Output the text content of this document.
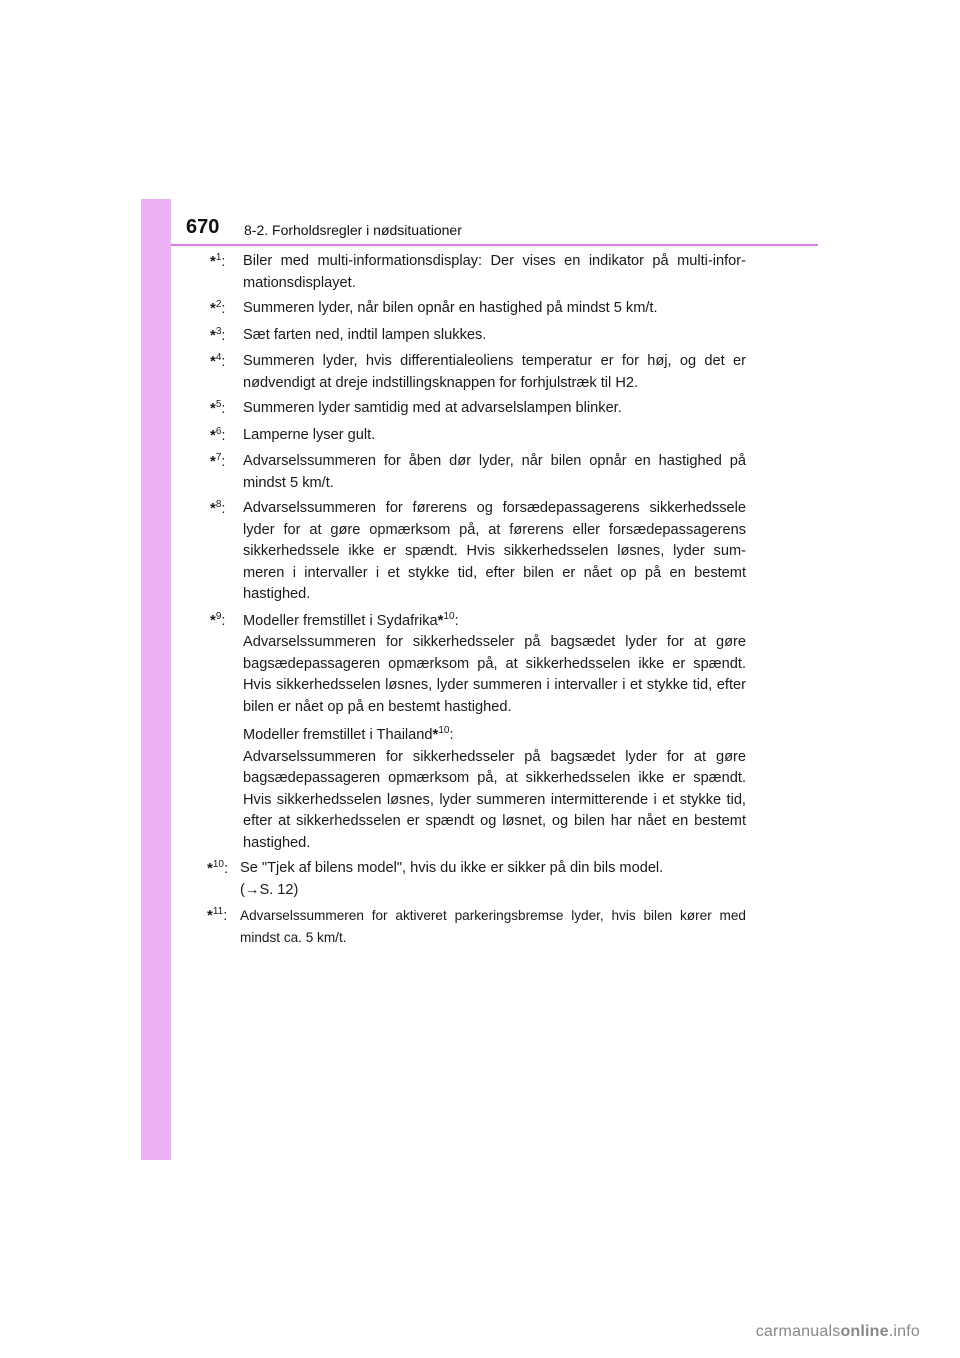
670 8-2. Forholdsregler i nødsituationer
*$^1$:	Biler med multi-informationsdisplay: Der vises en indikator på multi-infor-mationsdisplayet.
*$^2$:	Summeren lyder, når bilen opnår en hastighed på mindst 5 km/t.
*$^3$:	Sæt farten ned, indtil lampen slukkes.
*$^4$:	Summeren lyder, hvis differentialeoliens temperatur er for høj, og det er nødvendigt at dreje indstillingsknappen for forhjulstræk til H2.
*$^5$:	Summeren lyder samtidig med at advarselslampen blinker.
*$^6$:	Lamperne lyser gult.
*$^7$:	Advarselssummeren for åben dør lyder, når bilen opnår en hastighed på mindst 5 km/t.
*$^8$:	Advarselssummeren for førerens og forsædepassagerens sikkerhedssele lyder for at gøre opmærksom på, at førerens eller forsædepassagerens sikkerhedssele ikke er spændt. Hvis sikkerhedsselen løsnes, lyder sum-meren i intervaller i et stykke tid, efter bilen er nået op på en bestemt hastighed.
*$^9$:	Modeller fremstillet i Sydafrika*$^{10}$:
Advarselssummeren for sikkerhedsseler på bagsædet lyder for at gøre bagsædepassageren opmærksom på, at sikkerhedsselen ikke er spændt. Hvis sikkerhedsselen løsnes, lyder summeren i intervaller i et stykke tid, efter bilen er nået op på en bestemt hastighed.

Modeller fremstillet i Thailand*$^{10}$:
Advarselssummeren for sikkerhedsseler på bagsædet lyder for at gøre bagsædepassageren opmærksom på, at sikkerhedsselen ikke er spændt. Hvis sikkerhedsselen løsnes, lyder summeren intermitterende i et stykke tid, efter at sikkerhedsselen er spændt og løsnet, og bilen har nået en bestemt hastighed.

*$^{10}$: Se "Tjek af bilens model", hvis du ikke er sikker på din bils model.
(→S. 12)
*$^{11}$: Advarselssummeren for aktiveret parkeringsbremse lyder, hvis bilen kører med mindst ca. 5 km/t.
carmanualsonline.info
